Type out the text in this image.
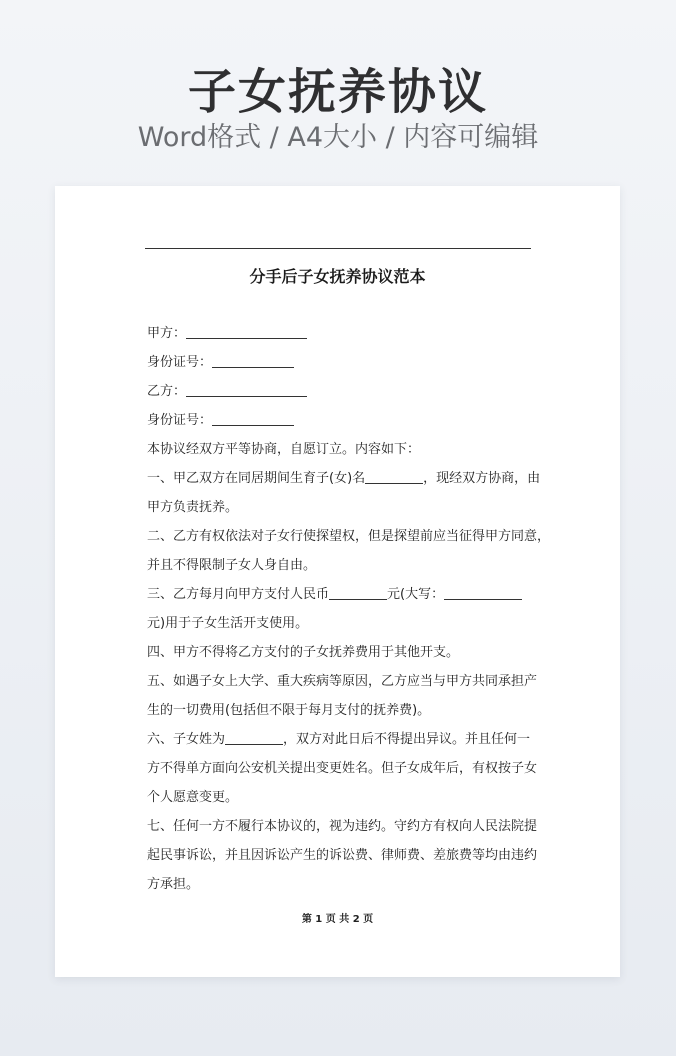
子女抚养协议
Word格式 / A4大小 / 内容可编辑
分手后子女抚养协议范本

甲方：

身份证号：

乙方：

身份证号：

本协议经双方平等协商，自愿订立。内容如下：

一、甲乙双方在同居期间生育子(女)名	，现经双方协商，由

甲方负责抚养。

二、乙方有权依法对子女行使探望权，但是探望前应当征得甲方同意，

并且不得限制子女人身自由。

三、乙方每月向甲方支付人民币	元(大写：

元)用于子女生活开支使用。

四、甲方不得将乙方支付的子女抚养费用于其他开支。

五、如遇子女上大学、重大疾病等原因，乙方应当与甲方共同承担产

生的一切费用(包括但不限于每月支付的抚养费)。

六、子女姓为	，双方对此日后不得提出异议。并且任何一

方不得单方面向公安机关提出变更姓名。但子女成年后，有权按子女

个人愿意变更。

七、任何一方不履行本协议的，视为违约。守约方有权向人民法院提

起民事诉讼，并且因诉讼产生的诉讼费、律师费、差旅费等均由违约

方承担。

第 1 页 共 2 页
